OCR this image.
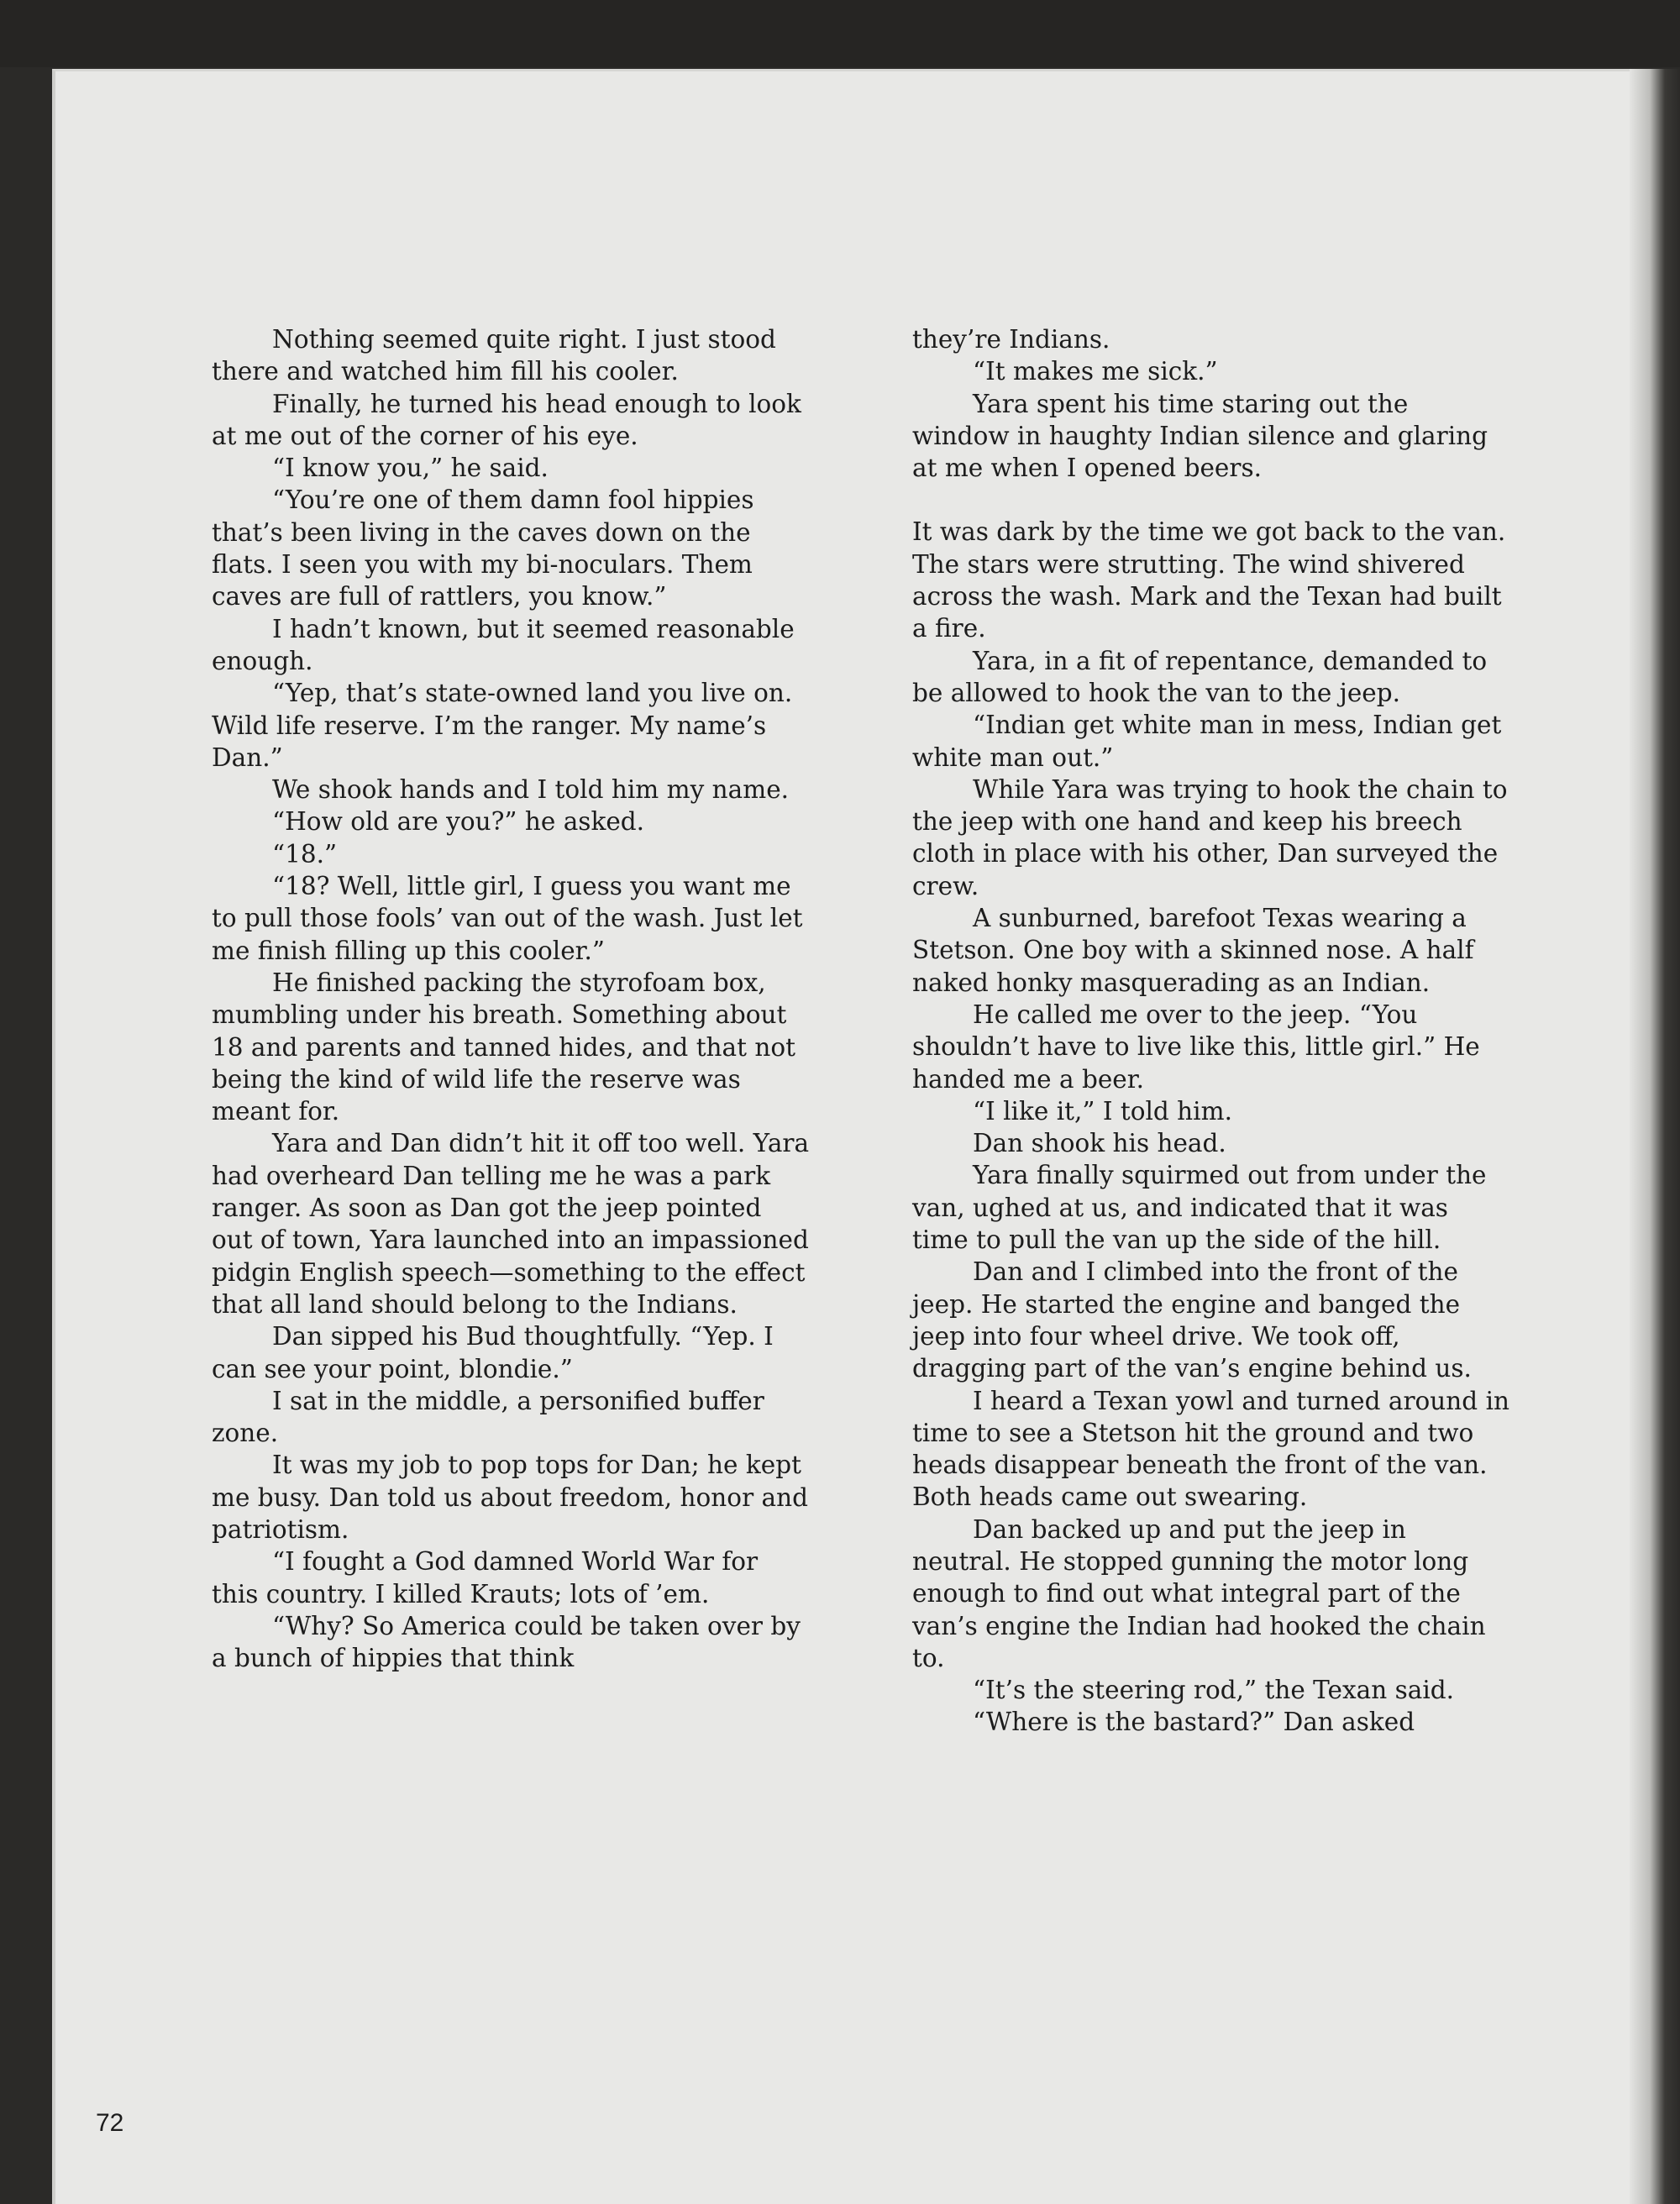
Nothing seemed quite right. I just stood there and watched him fill his cooler.

Finally, he turned his head enough to look at me out of the corner of his eye.

“I know you,” he said.

“You’re one of them damn fool hippies that’s been living in the caves down on the flats. I seen you with my bi-noculars. Them caves are full of rattlers, you know.”

I hadn’t known, but it seemed reasonable enough.

“Yep, that’s state-owned land you live on. Wild life reserve. I’m the ranger. My name’s Dan.”

We shook hands and I told him my name.

“How old are you?” he asked.

“18.”

“18? Well, little girl, I guess you want me to pull those fools’ van out of the wash. Just let me finish filling up this cooler.”

He finished packing the styrofoam box, mumbling under his breath. Something about 18 and parents and tanned hides, and that not being the kind of wild life the reserve was meant for.

Yara and Dan didn’t hit it off too well. Yara had overheard Dan telling me he was a park ranger. As soon as Dan got the jeep pointed out of town, Yara launched into an impassioned pidgin English speech—something to the effect that all land should belong to the Indians.

Dan sipped his Bud thoughtfully. “Yep. I can see your point, blondie.”

I sat in the middle, a personified buffer zone.

It was my job to pop tops for Dan; he kept me busy. Dan told us about freedom, honor and patriotism.

“I fought a God damned World War for this country. I killed Krauts; lots of ’em.

“Why? So America could be taken over by a bunch of hippies that think

they’re Indians.

“It makes me sick.”

Yara spent his time staring out the window in haughty Indian silence and glaring at me when I opened beers.

It was dark by the time we got back to the van. The stars were strutting. The wind shivered across the wash. Mark and the Texan had built a fire.

Yara, in a fit of repentance, demanded to be allowed to hook the van to the jeep.

“Indian get white man in mess, Indian get white man out.”

While Yara was trying to hook the chain to the jeep with one hand and keep his breech cloth in place with his other, Dan surveyed the crew.

A sunburned, barefoot Texas wearing a Stetson. One boy with a skinned nose. A half naked honky masquerading as an Indian.

He called me over to the jeep. “You shouldn’t have to live like this, little girl.” He handed me a beer.

“I like it,” I told him.

Dan shook his head.

Yara finally squirmed out from under the van, ughed at us, and indicated that it was time to pull the van up the side of the hill.

Dan and I climbed into the front of the jeep. He started the engine and banged the jeep into four wheel drive. We took off, dragging part of the van’s engine behind us.

I heard a Texan yowl and turned around in time to see a Stetson hit the ground and two heads disappear beneath the front of the van. Both heads came out swearing.

Dan backed up and put the jeep in neutral. He stopped gunning the motor long enough to find out what integral part of the van’s engine the Indian had hooked the chain to.

“It’s the steering rod,” the Texan said.

“Where is the bastard?” Dan asked

72
